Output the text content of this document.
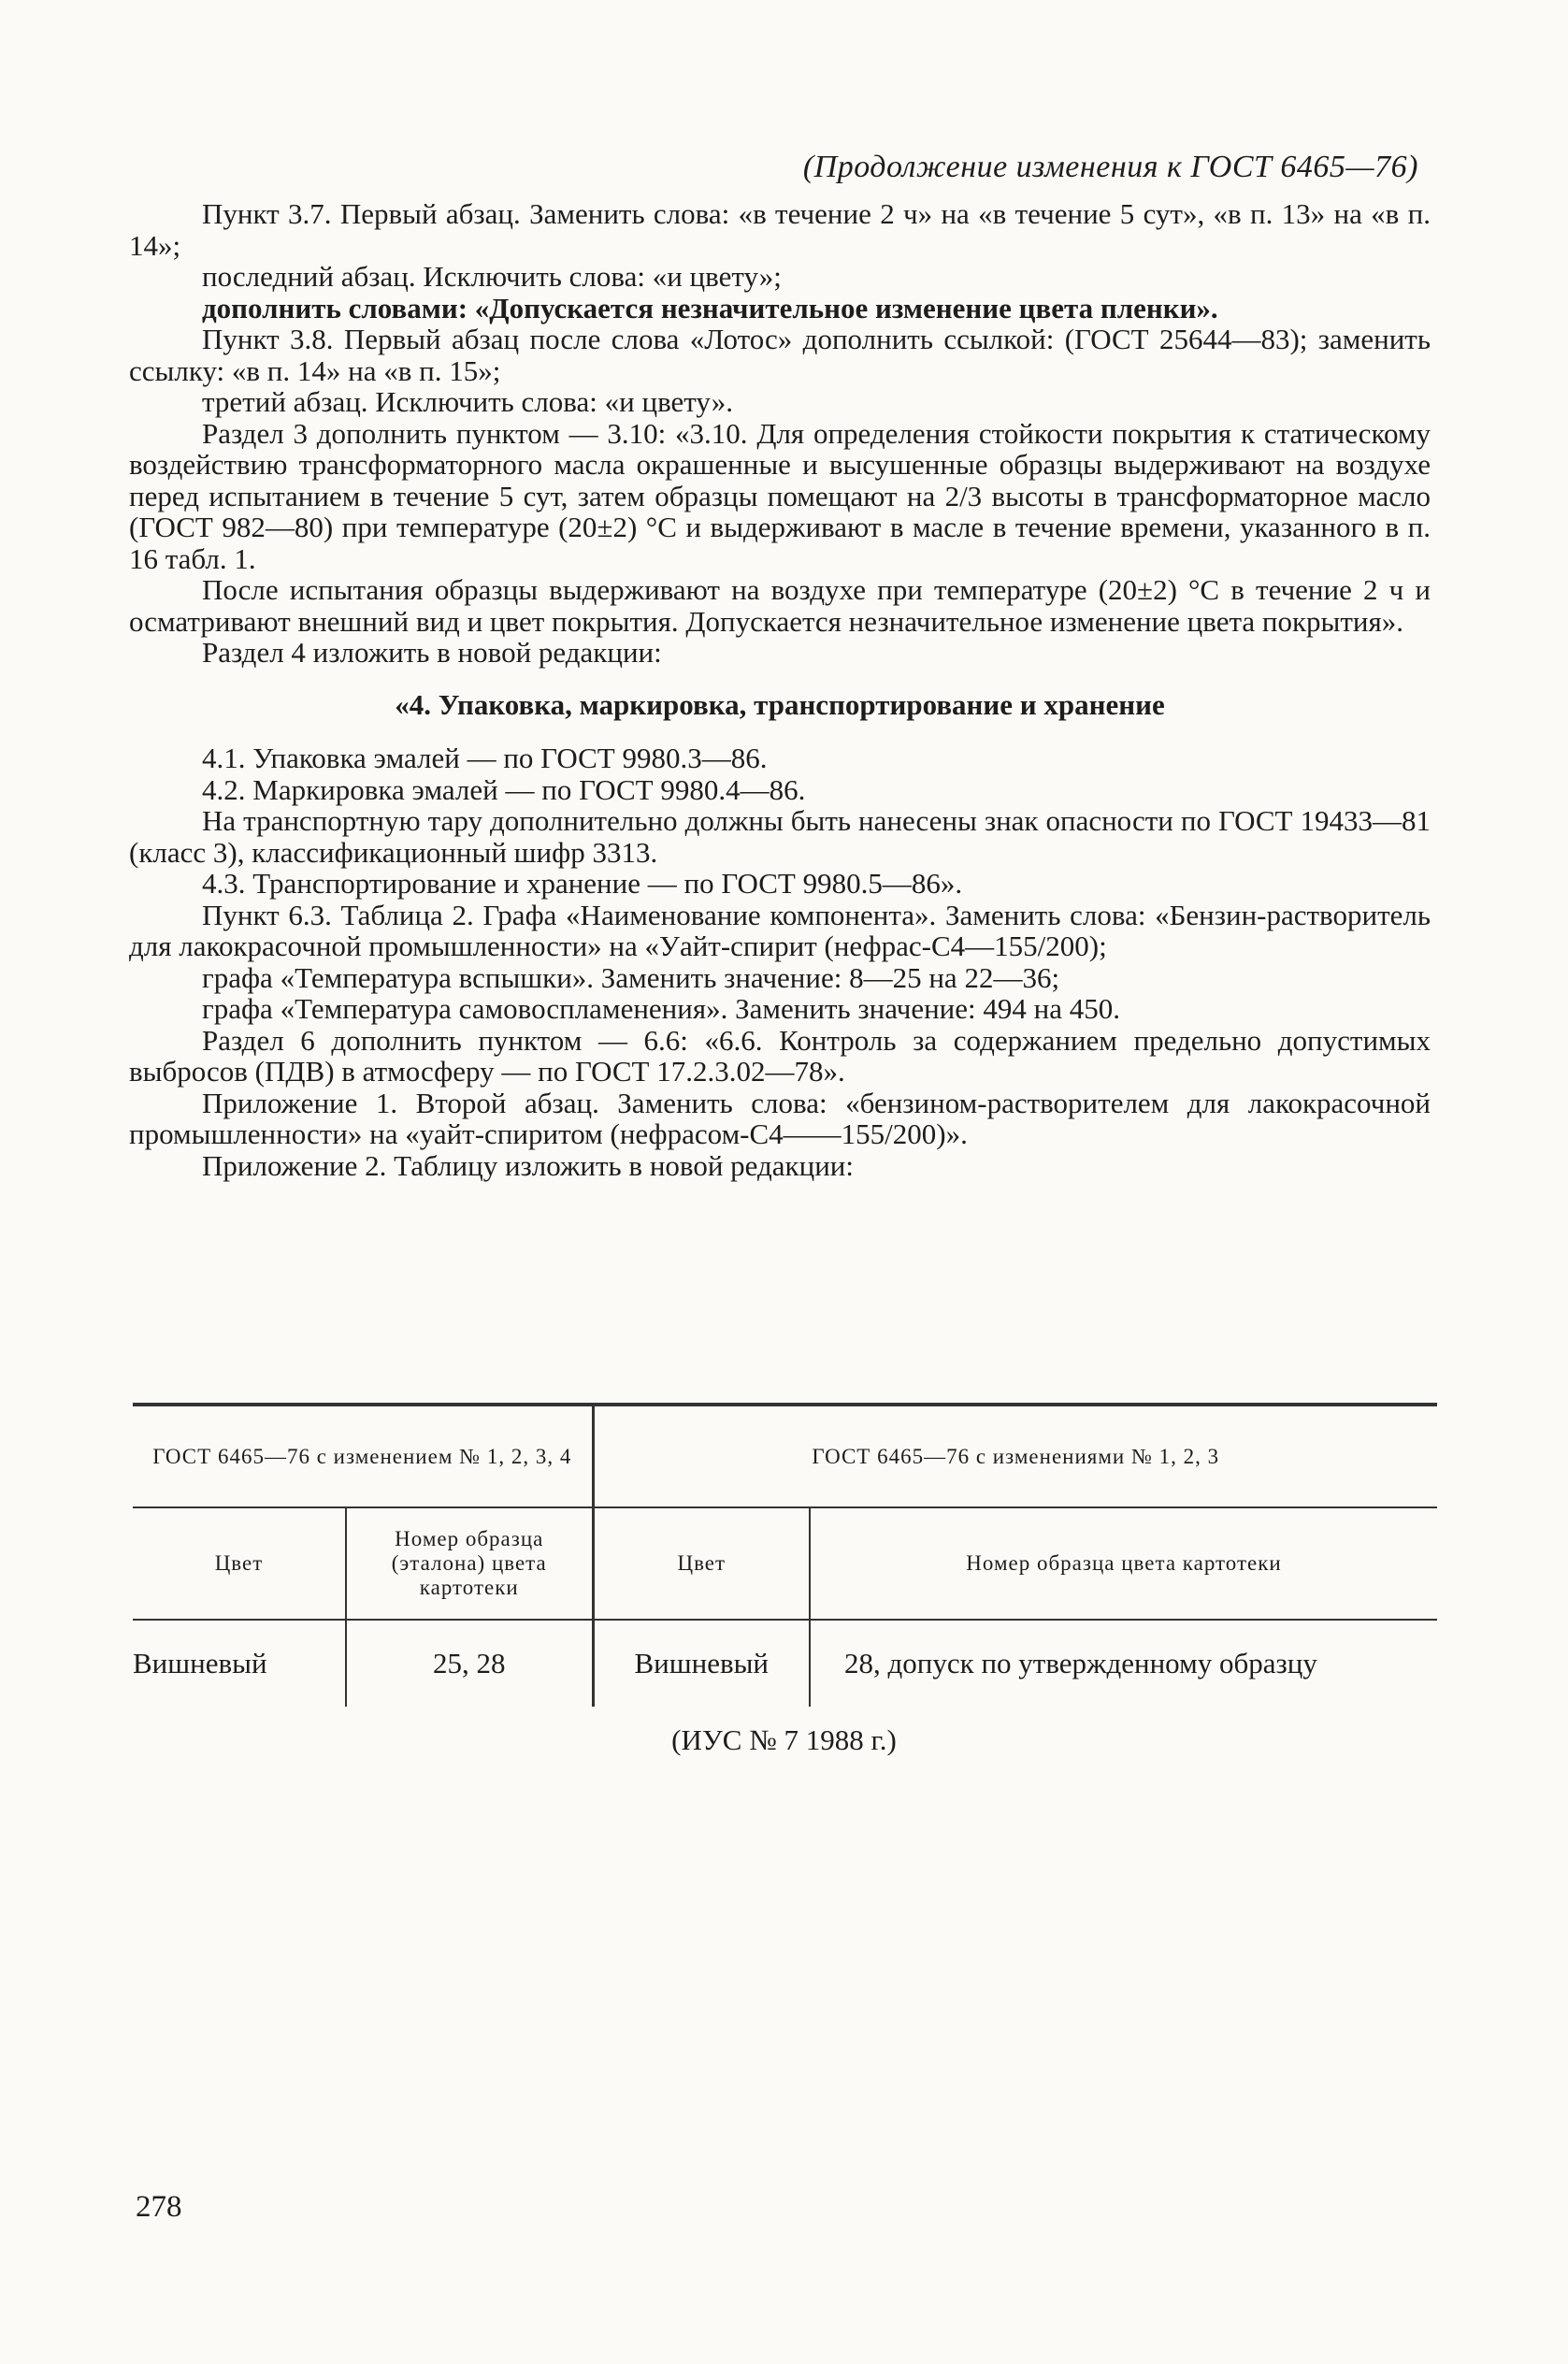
(Продолжение изменения к ГОСТ 6465—76)

Пункт 3.7. Первый абзац. Заменить слова: «в течение 2 ч» на «в течение 5 сут», «в п. 13» на «в п. 14»;

последний абзац. Исключить слова: «и цвету»;

дополнить словами: «Допускается незначительное изменение цвета пленки».

Пункт 3.8. Первый абзац после слова «Лотос» дополнить ссылкой: (ГОСТ 25644—83); заменить ссылку: «в п. 14» на «в п. 15»;

третий абзац. Исключить слова: «и цвету».

Раздел 3 дополнить пунктом — 3.10: «3.10. Для определения стойкости покрытия к статическому воздействию трансформаторного масла окрашенные и высушенные образцы выдерживают на воздухе перед испытанием в течение 5 сут, затем образцы помещают на 2/3 высоты в трансформаторное масло (ГОСТ 982—80) при температуре (20±2) °С и выдерживают в масле в течение времени, указанного в п. 16 табл. 1.

После испытания образцы выдерживают на воздухе при температуре (20±2) °С в течение 2 ч и осматривают внешний вид и цвет покрытия. Допускается незначительное изменение цвета покрытия».

Раздел 4 изложить в новой редакции:

«4. Упаковка, маркировка, транспортирование и хранение

4.1. Упаковка эмалей — по ГОСТ 9980.3—86.

4.2. Маркировка эмалей — по ГОСТ 9980.4—86.

На транспортную тару дополнительно должны быть нанесены знак опасности по ГОСТ 19433—81 (класс 3), классификационный шифр 3313.

4.3. Транспортирование и хранение — по ГОСТ 9980.5—86».

Пункт 6.3. Таблица 2. Графа «Наименование компонента». Заменить слова: «Бензин-растворитель для лакокрасочной промышленности» на «Уайт-спирит (нефрас-С4—155/200);

графа «Температура вспышки». Заменить значение: 8—25 на 22—36;

графа «Температура самовоспламенения». Заменить значение: 494 на 450.

Раздел 6 дополнить пунктом — 6.6: «6.6. Контроль за содержанием предельно допустимых выбросов (ПДВ) в атмосферу — по ГОСТ 17.2.3.02—78».

Приложение 1. Второй абзац. Заменить слова: «бензином-растворителем для лакокрасочной промышленности» на «уайт-спиритом (нефрасом-С4——155/200)».

Приложение 2. Таблицу изложить в новой редакции:

ГОСТ 6465—76 с изменением № 1, 2, 3, 4		ГОСТ 6465—76 с изменениями № 1, 2, 3	
Цвет	Номер образца (эталона) цвета картотеки	Цвет	Номер образца цвета картотеки
Вишневый	25, 28	Вишневый	28, допуск по утвержденному образцу
(ИУС № 7 1988 г.)
278
